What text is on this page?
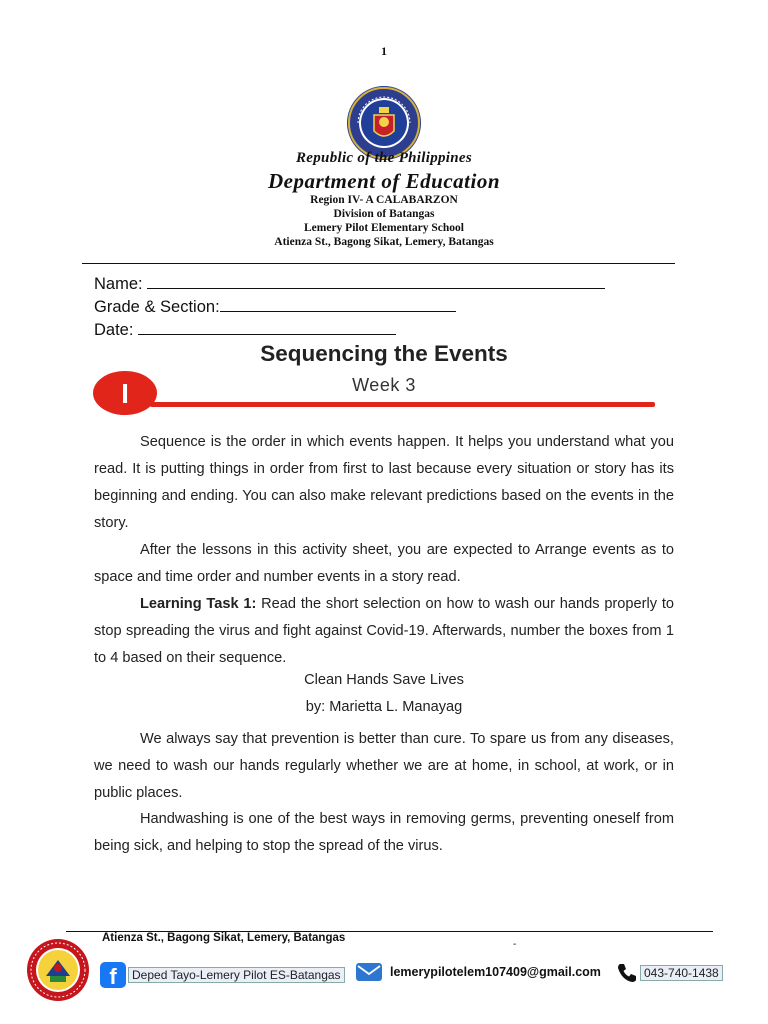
1
Republic of the Philippines
Department of Education
Region IV- A CALABARZON
Division of Batangas
Lemery Pilot Elementary School
Atienza St., Bagong Sikat, Lemery, Batangas
Name:
Grade & Section:
Date:
Sequencing the Events
Week 3
I
Sequence is the order in which events happen. It helps you understand what you read. It is putting things in order from first to last because every situation or story has its beginning and ending. You can also make relevant predictions based on the events in the story.
After the lessons in this activity sheet, you are expected to Arrange events as to space and time order and number events in a story read.
Learning Task 1: Read the short selection on how to wash our hands properly to stop spreading the virus and fight against Covid-19. Afterwards, number the boxes from 1 to 4 based on their sequence.
Clean Hands Save Lives
by: Marietta L. Manayag
We always say that prevention is better than cure. To spare us from any diseases, we need to wash our hands regularly whether we are at home, in school, at work, or in public places.
Handwashing is one of the best ways in removing germs, preventing oneself from being sick, and helping to stop the spread of the virus.
Atienza St., Bagong Sikat, Lemery, Batangas
-
f	Deped Tayo-Lemery Pilot ES-Batangas	lemerypilotelem107409@gmail.com	043-740-1438
